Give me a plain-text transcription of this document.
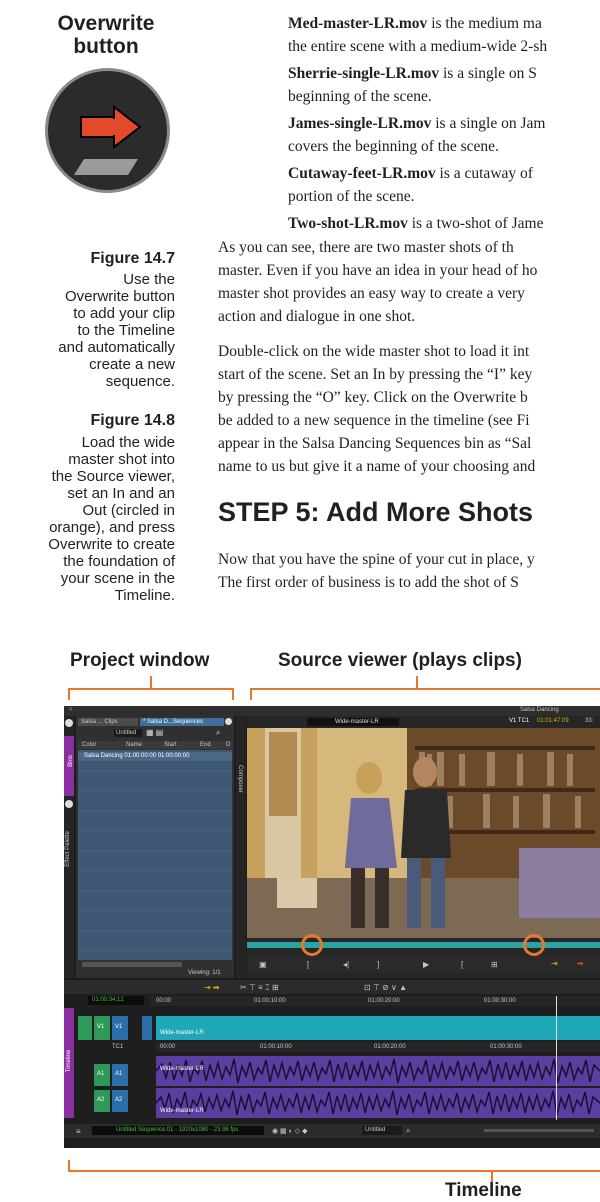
Overwrite
button
Figure 14.7
Use the
Overwrite button
to add your clip
to the Timeline
and automatically
create a new
sequence.
Figure 14.8
Load the wide
master shot into
the Source viewer,
set an In and an
Out (circled in
orange), and press
Overwrite to create
the foundation of
your scene in the
Timeline.
Med-master-LR.mov is the medium ma
the entire scene with a medium-wide 2-sh
Sherrie-single-LR.mov is a single on S
beginning of the scene.
James-single-LR.mov is a single on Jam
covers the beginning of the scene.
Cutaway-feet-LR.mov is a cutaway of
portion of the scene.
Two-shot-LR.mov is a two-shot of Jame
As you can see, there are two master shots of th
master. Even if you have an idea in your head of ho
master shot provides an easy way to create a very
action and dialogue in one shot.
Double-click on the wide master shot to load it int
start of the scene. Set an In by pressing the “I” key
by pressing the “O” key. Click on the Overwrite b
be added to a new sequence in the timeline (see Fi
appear in the Salsa Dancing Sequences bin as “Sal
name to us but give it a name of your choosing and
STEP 5: Add More Shots
Now that you have the spine of your cut in place, y
The first order of business is to add the shot of S
Project window	Source viewer (plays clips)
Timeline
Salsa Dancing
✕ · ·
Bins
Effect Palette
Salsa ... Clips	* Salsa D...Sequences
Untitled ▦ ▤	⌕
Color	Name	Start	End	D
Salsa Dancing 01:00:00:00 01:00:00:00
Viewing: 1/1
Composer
Wide-master-LR	V1 TC1 01:01:47:09	33:
▣	[	◂|	]	▶	[	⊞	⇥ ➡
⇥ ➡	✂ ⊤ ≡ ⌶ ⊞	⊡ ⊤ ⊘ ∨ ▲
01:00:34:12	00:00	01:00:10:00	01:00:20:00	01:00:30:00
Timeline
V1 V1
TC1
A1 A1
A2 A2
Wide-master-LR
00:00	01:00:10:00	01:00:20:00	01:00:30:00
Wide-master-LR
Wide-master-LR
≡	Untitled Sequence.01 - 1920x1080 - 23.98 fps	◉ ▦ ◐ ◇ ◆	Untitled	⌕
